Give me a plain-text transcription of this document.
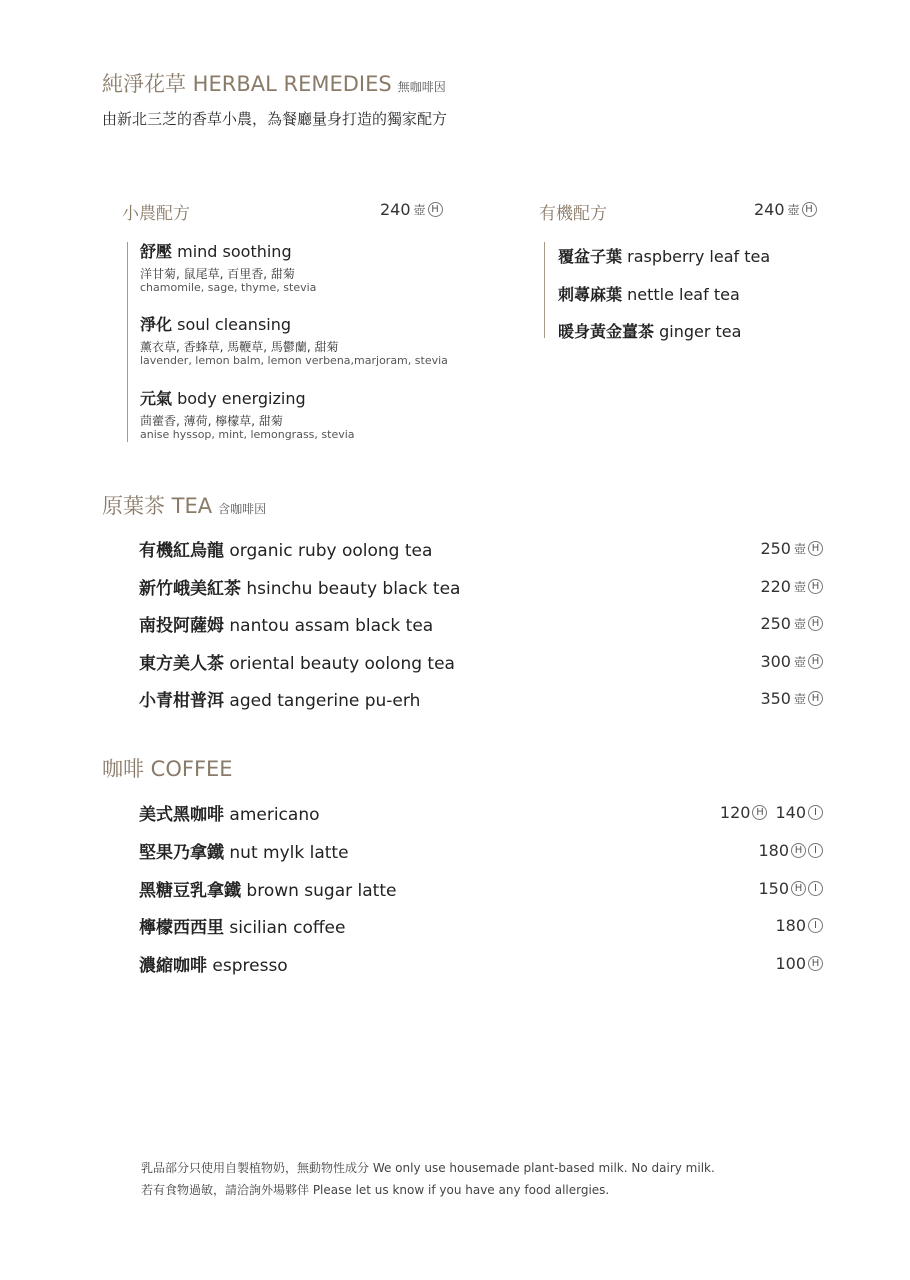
純淨花草 HERBAL REMEDIES 無咖啡因
由新北三芝的香草小農，為餐廳量身打造的獨家配方
小農配方	240 壺 H
舒壓 mind soothing
洋甘菊, 鼠尾草, 百里香, 甜菊
chamomile, sage, thyme, stevia
淨化 soul cleansing
薰衣草, 香蜂草, 馬鞭草, 馬鬱蘭, 甜菊
lavender, lemon balm, lemon verbena,marjoram, stevia
元氣 body energizing
茴藿香, 薄荷, 檸檬草, 甜菊
anise hyssop, mint, lemongrass, stevia
有機配方	240 壺 H
覆盆子葉 raspberry leaf tea
刺蕁麻葉 nettle leaf tea
暖身黃金薑茶 ginger tea
原葉茶 TEA 含咖啡因
有機紅烏龍 organic ruby oolong tea	250 壺 H
新竹峨美紅茶 hsinchu beauty black tea	220 壺 H
南投阿薩姆 nantou assam black tea	250 壺 H
東方美人茶 oriental beauty oolong tea	300 壺 H
小青柑普洱 aged tangerine pu-erh	350 壺 H
咖啡 COFFEE
美式黑咖啡 americano	120 H 140 I
堅果乃拿鐵 nut mylk latte	180 H	I
黑糖豆乳拿鐵 brown sugar latte	150 H	I
檸檬西西里 sicilian coffee	180 I
濃縮咖啡 espresso	100 H
乳品部分只使用自製植物奶，無動物性成分 We only use housemade plant-based milk. No dairy milk.
若有食物過敏，請洽詢外場夥伴 Please let us know if you have any food allergies.
